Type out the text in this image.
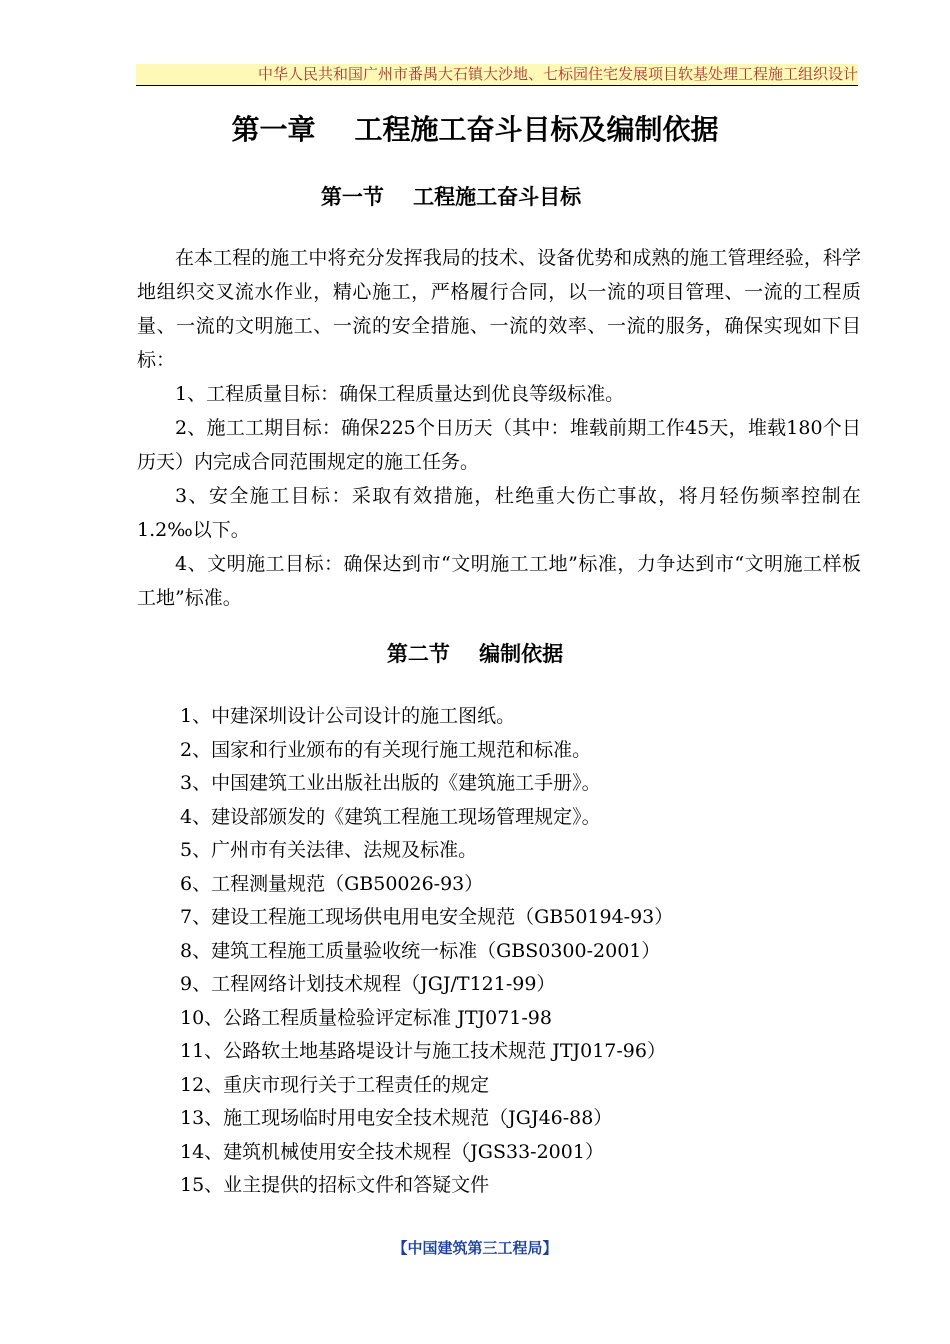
中华人民共和国广州市番禺大石镇大沙地、七标园住宅发展项目软基处理工程施工组织设计
第一章    工程施工奋斗目标及编制依据
第一节    工程施工奋斗目标

在本工程的施工中将充分发挥我局的技术、设备优势和成熟的施工管理经验，科学地组织交叉流水作业，精心施工，严格履行合同，以一流的项目管理、一流的工程质量、一流的文明施工、一流的安全措施、一流的效率、一流的服务，确保实现如下目标：

1、工程质量目标：确保工程质量达到优良等级标准。

2、施工工期目标：确保225个日历天（其中：堆载前期工作45天，堆载180个日历天）内完成合同范围规定的施工任务。

3、安全施工目标：采取有效措施，杜绝重大伤亡事故，将月轻伤频率控制在1.2‰以下。

4、文明施工目标：确保达到市“文明施工工地”标准，力争达到市“文明施工样板工地”标准。

第二节    编制依据
1、中建深圳设计公司设计的施工图纸。
2、国家和行业颁布的有关现行施工规范和标准。
3、中国建筑工业出版社出版的《建筑施工手册》。
4、建设部颁发的《建筑工程施工现场管理规定》。
5、广州市有关法律、法规及标准。
6、工程测量规范（GB50026-93）
7、建设工程施工现场供电用电安全规范（GB50194-93）
8、建筑工程施工质量验收统一标准（GBS0300-2001）
9、工程网络计划技术规程（JGJ/T121-99）
10、公路工程质量检验评定标准 JTJ071-98
11、公路软土地基路堤设计与施工技术规范 JTJ017-96）
12、重庆市现行关于工程责任的规定
13、施工现场临时用电安全技术规范（JGJ46-88）
14、建筑机械使用安全技术规程（JGS33-2001）
15、业主提供的招标文件和答疑文件
【中国建筑第三工程局】
